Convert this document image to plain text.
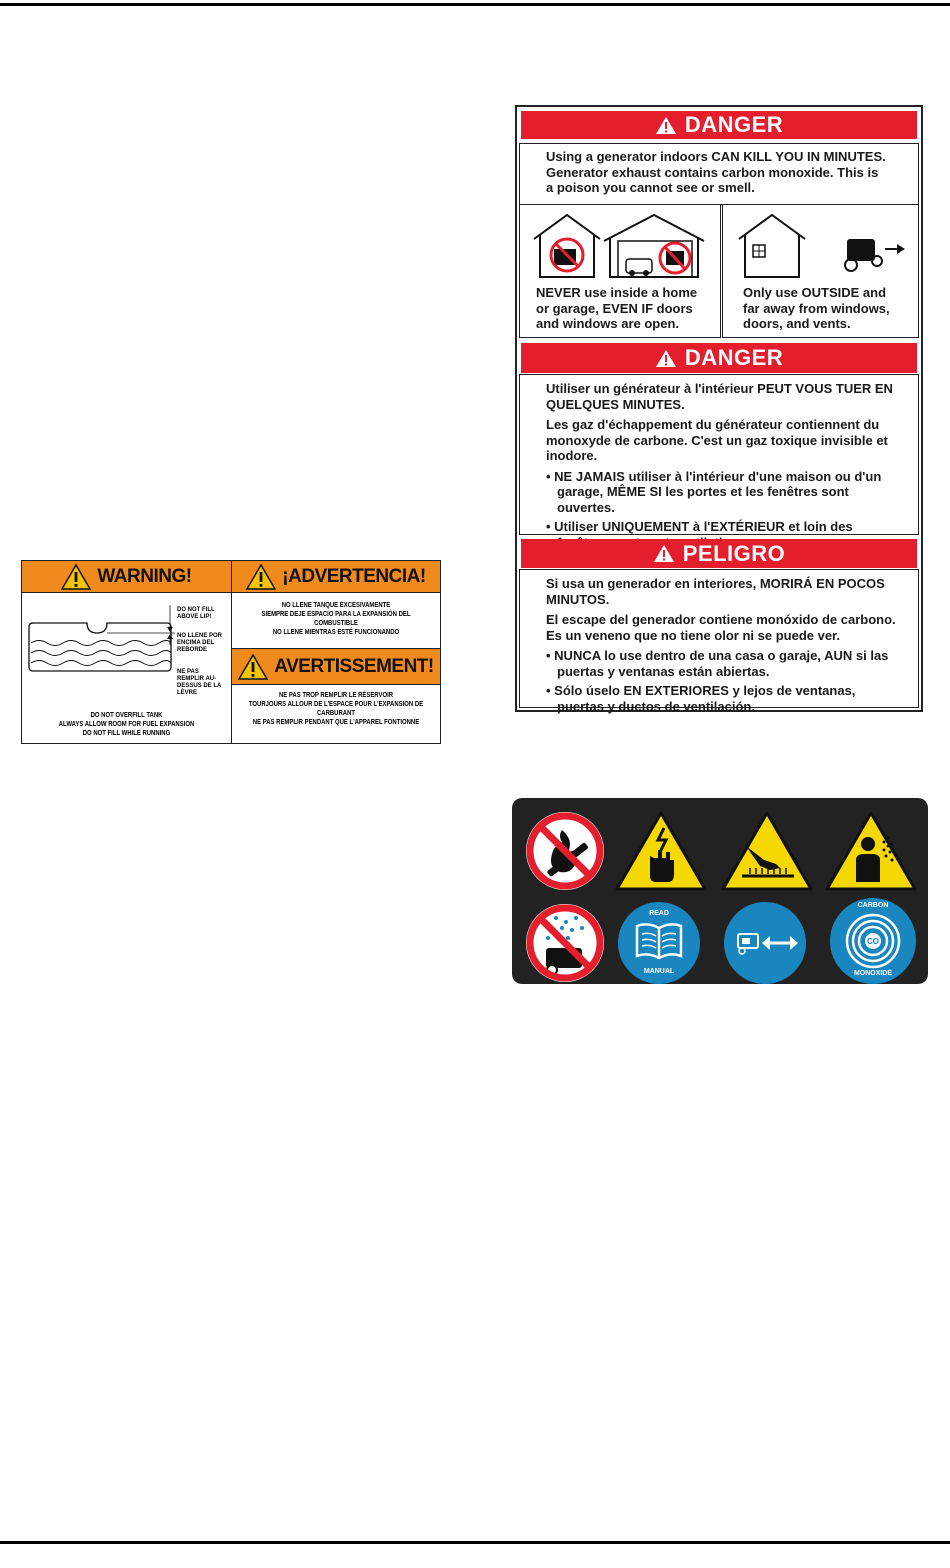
WARNING!	¡ADVERTENCIA!
DO NOT FILL ABOVE LIP!
NO LLENE POR ENCIMA DEL REBORDE
NE PAS REMPLIR AU-DESSUS DE LA LÈVRE
DO NOT OVERFILL TANK
ALWAYS ALLOW ROOM FOR FUEL EXPANSION
DO NOT FILL WHILE RUNNING
NO LLENE TANQUE EXCESIVAMENTE
SIEMPRE DEJE ESPACIO PARA LA EXPANSIÓN DEL COMBUSTIBLE
NO LLENE MIENTRAS ESTÉ FUNCIONANDO
AVERTISSEMENT!
NE PAS TROP REMPLIR LE RÉSERVOIR
TOURJOURS ALLOUR DE L'ESPACE POUR L'EXPANSION DE CARBURANT
NE PAS REMPLIR PENDANT QUE L'APPAREL FONTIONNE
DANGER
Using a generator indoors CAN KILL YOU IN MINUTES.
Generator exhaust contains carbon monoxide. This is
a poison you cannot see or smell.
NEVER use inside a home
or garage, EVEN IF doors
and windows are open.
Only use OUTSIDE and
far away from windows,
doors, and vents.
DANGER

Utiliser un générateur à l'intérieur PEUT VOUS TUER EN QUELQUES MINUTES.

Les gaz d'échappement du générateur contiennent du monoxyde de carbone. C'est un gaz toxique invisible et inodore.

• NE JAMAIS utiliser à l'intérieur d'une maison ou d'un garage, MÊME SI les portes et les fenêtres sont ouvertes.

• Utiliser UNIQUEMENT à l'EXTÉRIEUR et loin des

PELIGRO

Si usa un generador en interiores, MORIRÁ EN POCOS MINUTOS.

El escape del generador contiene monóxido de carbono. Es un veneno que no tiene olor ni se puede ver.

• NUNCA lo use dentro de una casa o garaje, AUN si las puertas y ventanas están abiertas.

• Sólo úselo EN EXTERIORES y lejos de ventanas, puertas y ductos de ventilación.

READ
MANUAL
CO
CARBON
MONOXIDE
